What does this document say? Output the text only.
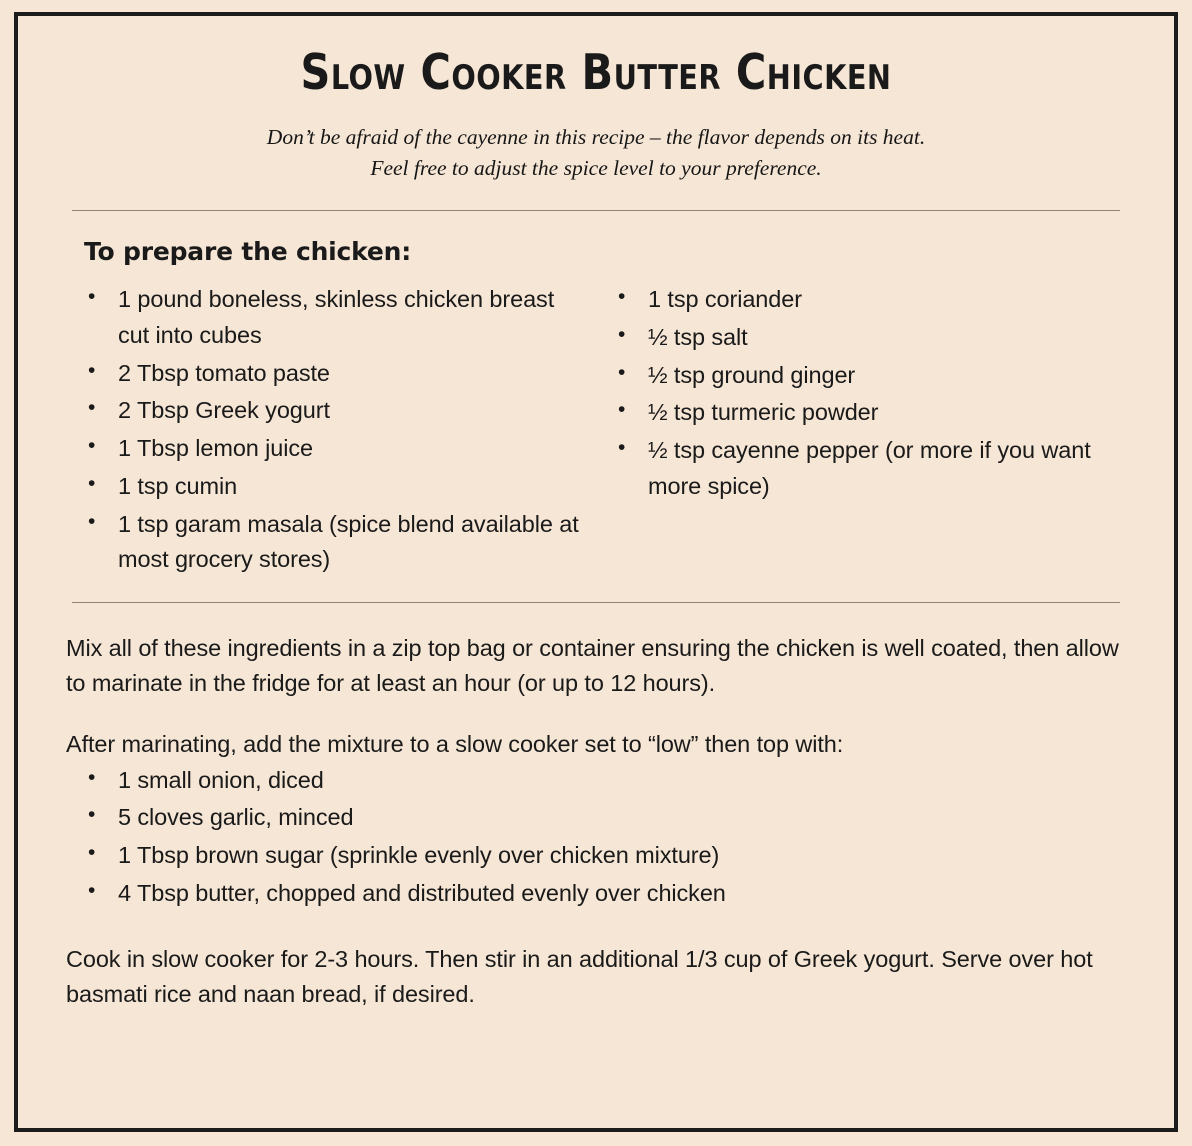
Slow Cooker Butter Chicken
Don’t be afraid of the cayenne in this recipe – the flavor depends on its heat.
Feel free to adjust the spice level to your preference.
To prepare the chicken:
• 1 pound boneless, skinless chicken breast cut into cubes
• 2 Tbsp tomato paste
• 2 Tbsp Greek yogurt
• 1 Tbsp lemon juice
• 1 tsp cumin
• 1 tsp garam masala (spice blend available at most grocery stores)
• 1 tsp coriander
• ½ tsp salt
• ½ tsp ground ginger
• ½ tsp turmeric powder
• ½ tsp cayenne pepper (or more if you want more spice)

Mix all of these ingredients in a zip top bag or container ensuring the chicken is well coated, then allow to marinate in the fridge for at least an hour (or up to 12 hours).

After marinating, add the mixture to a slow cooker set to “low” then top with:

• 1 small onion, diced
• 5 cloves garlic, minced
• 1 Tbsp brown sugar (sprinkle evenly over chicken mixture)
• 4 Tbsp butter, chopped and distributed evenly over chicken

Cook in slow cooker for 2-3 hours. Then stir in an additional 1/3 cup of Greek yogurt. Serve over hot basmati rice and naan bread, if desired.
